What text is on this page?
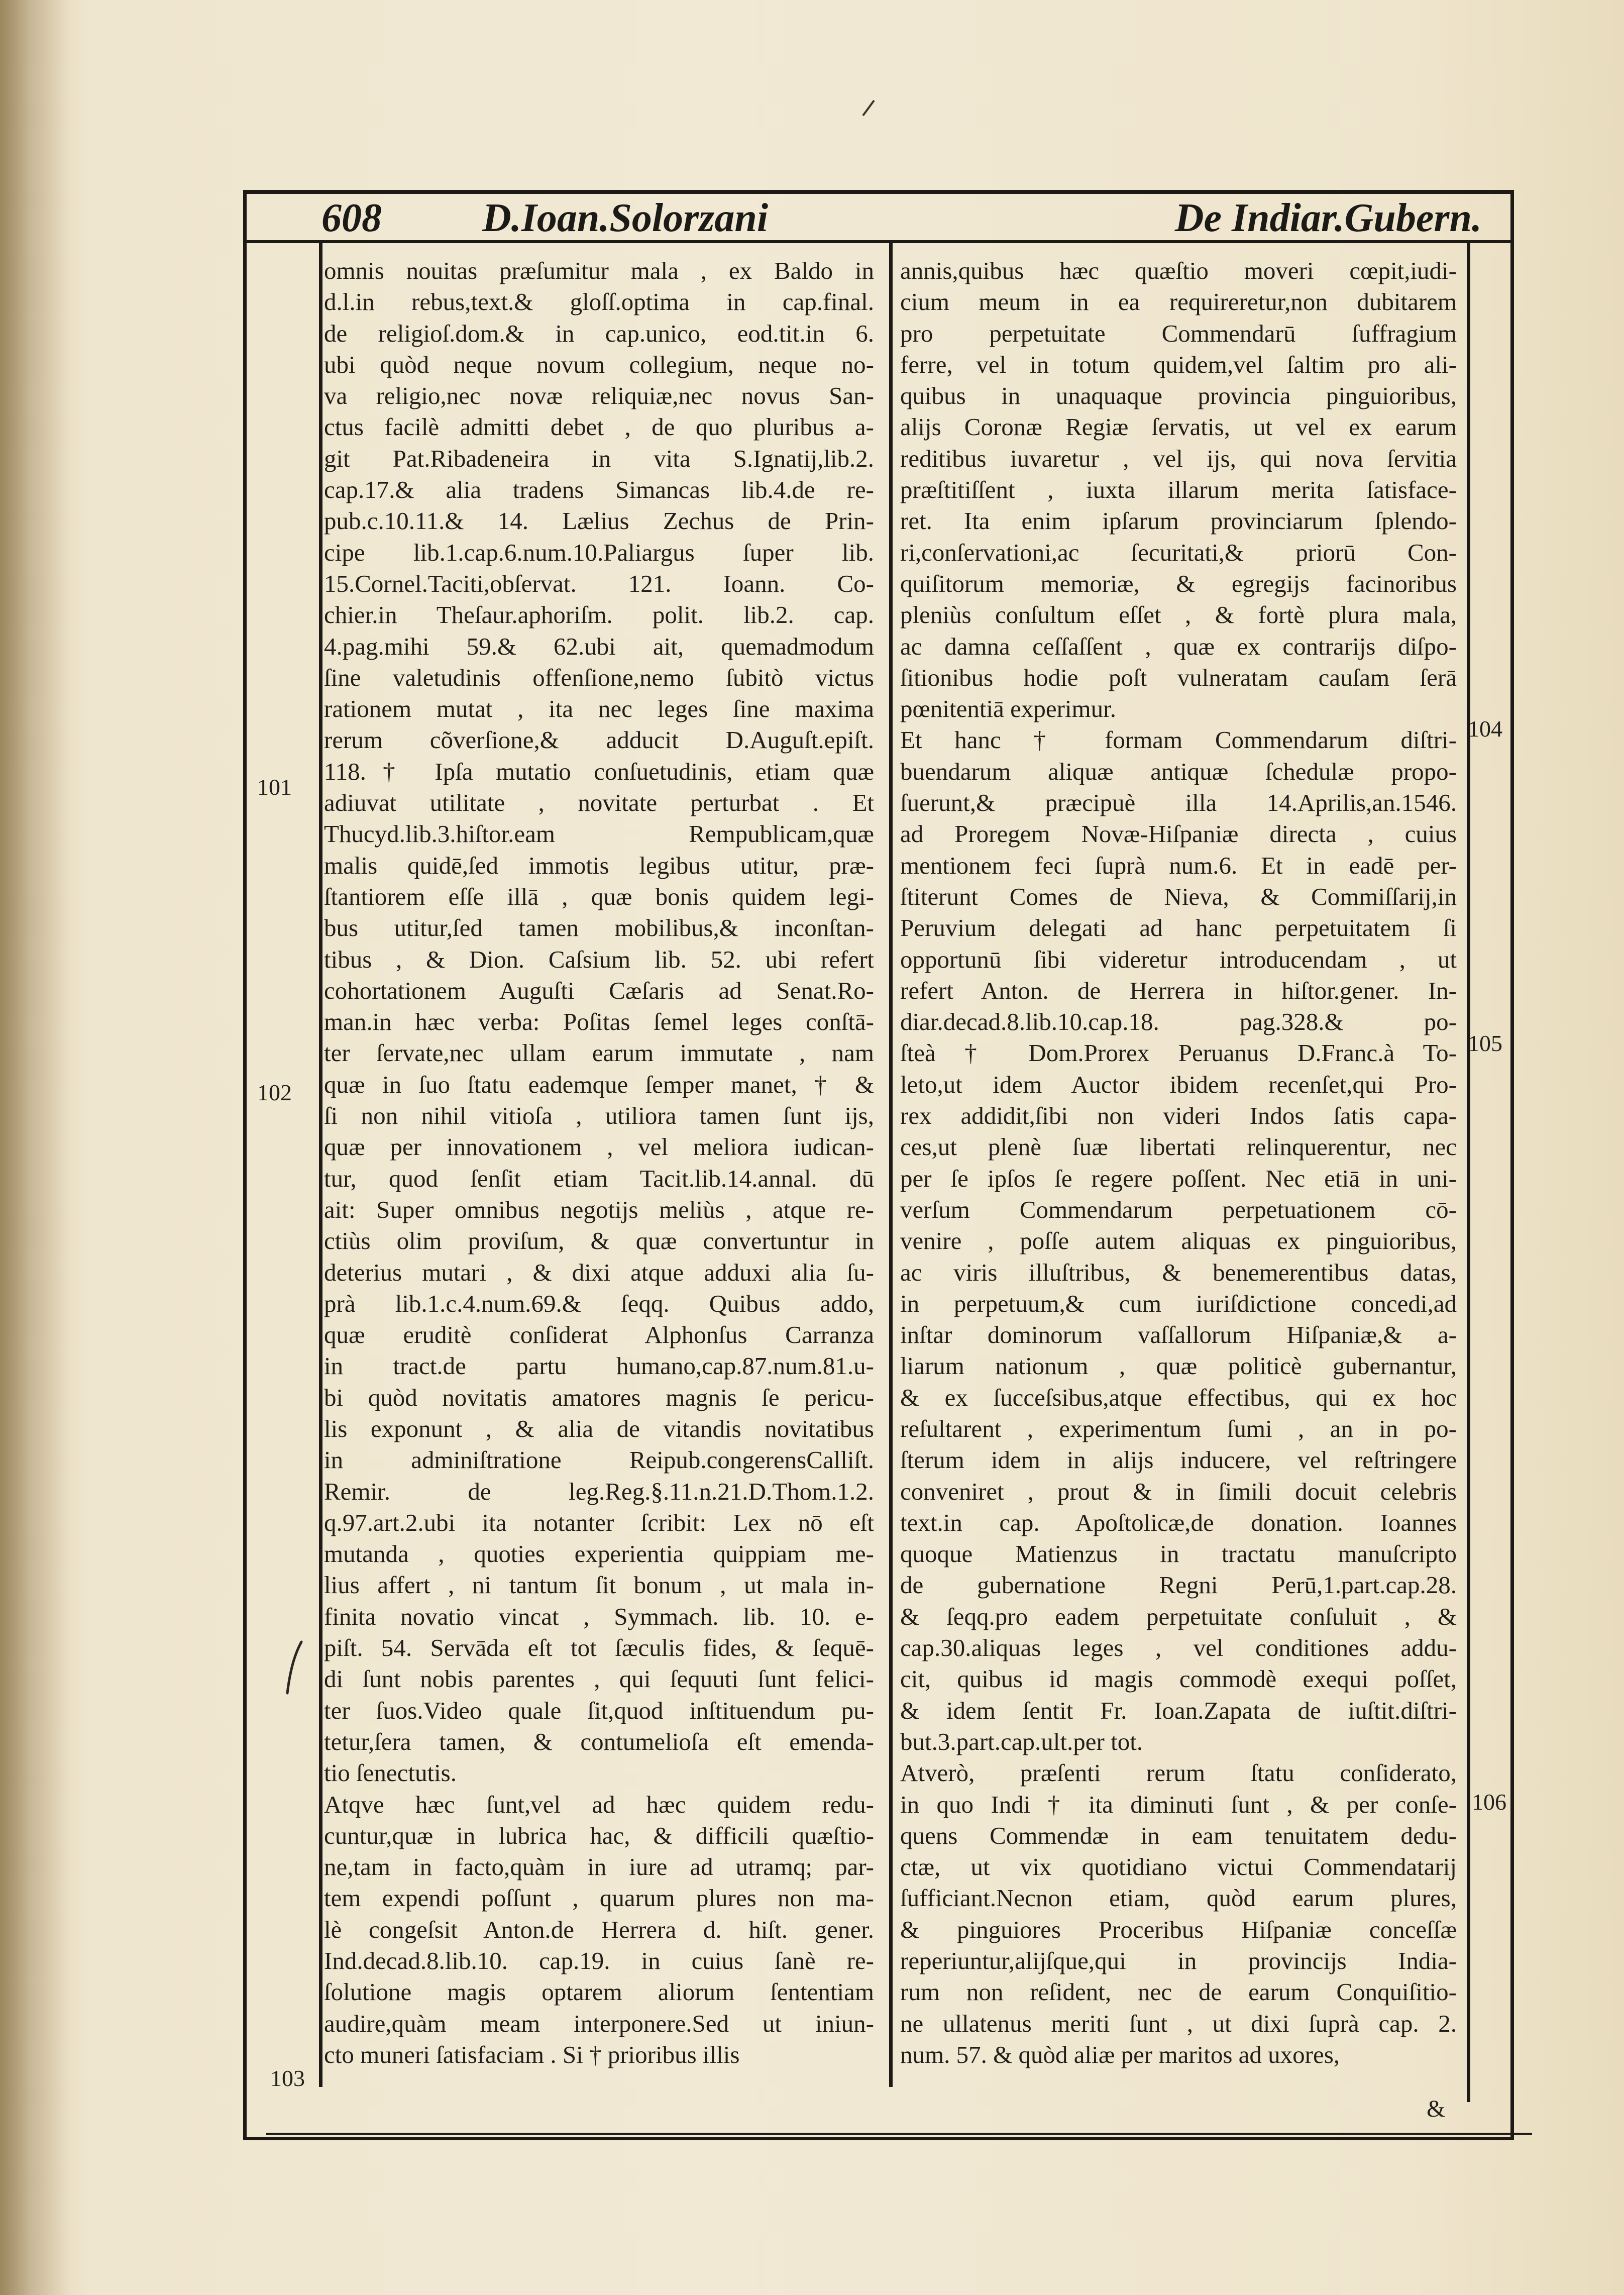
608	D.Ioan.Solorzani	De Indiar.Gubern.
omnis nouitas præſumitur mala , ex Baldo in
d.l.in rebus,text.& gloſſ.optima in cap.final.
de religioſ.dom.& in cap.unico, eod.tit.in 6.
ubi quòd neque novum collegium, neque no-
va religio,nec novæ reliquiæ,nec novus San-
ctus facilè admitti debet , de quo pluribus a-
git Pat.Ribadeneira in vita S.Ignatij,lib.2.
cap.17.& alia tradens Simancas lib.4.de re-
pub.c.10.11.& 14. Lælius Zechus de Prin-
cipe lib.1.cap.6.num.10.Paliargus ſuper lib.
15.Cornel.Taciti,obſervat. 121. Ioann. Co-
chier.in Theſaur.aphoriſm. polit. lib.2. cap.
4.pag.mihi 59.& 62.ubi ait, quemadmodum
ſine valetudinis offenſione,nemo ſubitò victus
rationem mutat , ita nec leges ſine maxima
rerum cõverſione,& adducit D.Auguſt.epiſt.
118.† Ipſa mutatio conſuetudinis, etiam quæ
adiuvat utilitate , novitate perturbat . Et
Thucyd.lib.3.hiſtor.eam Rempublicam,quæ
malis quidē,ſed immotis legibus utitur, præ-
ſtantiorem eſſe illā , quæ bonis quidem legi-
bus utitur,ſed tamen mobilibus,& inconſtan-
tibus , & Dion. Caſsium lib. 52. ubi refert
cohortationem Auguſti Cæſaris ad Senat.Ro-
man.in hæc verba: Poſitas ſemel leges conſtā-
ter ſervate,nec ullam earum immutate , nam
quæ in ſuo ſtatu eademque ſemper manet, † &
ſi non nihil vitioſa , utiliora tamen ſunt ijs,
quæ per innovationem , vel meliora iudican-
tur, quod ſenſit etiam Tacit.lib.14.annal. dū
ait: Super omnibus negotijs meliùs , atque re-
ctiùs olim proviſum, & quæ convertuntur in
deterius mutari , & dixi atque adduxi alia ſu-
prà lib.1.c.4.num.69.& ſeqq. Quibus addo,
quæ eruditè conſiderat Alphonſus Carranza
in tract.de partu humano,cap.87.num.81.u-
bi quòd novitatis amatores magnis ſe pericu-
lis exponunt , & alia de vitandis novitatibus
in adminiſtratione Reipub.congerensCalliſt.
Remir. de leg.Reg.§.11.n.21.D.Thom.1.2.
q.97.art.2.ubi ita notanter ſcribit: Lex nō eſt
mutanda , quoties experientia quippiam me-
lius affert , ni tantum ſit bonum , ut mala in-
finita novatio vincat , Symmach. lib. 10. e-
piſt. 54. Servāda eſt tot ſæculis fides, & ſequē-
di ſunt nobis parentes , qui ſequuti ſunt felici-
ter ſuos.Video quale ſit,quod inſtituendum pu-
tetur,ſera tamen, & contumelioſa eſt emenda-
tio ſenectutis.
Atqve hæc ſunt,vel ad hæc quidem redu-
cuntur,quæ in lubrica hac, & difficili quæſtio-
ne,tam in facto,quàm in iure ad utramq; par-
tem expendi poſſunt , quarum plures non ma-
lè congeſsit Anton.de Herrera d. hiſt. gener.
Ind.decad.8.lib.10. cap.19. in cuius ſanè re-
ſolutione magis optarem aliorum ſententiam
audire,quàm meam interponere.Sed ut iniun-
cto muneri ſatisfaciam . Si † prioribus illis
annis,quibus hæc quæſtio moveri cœpit,iudi-
cium meum in ea requireretur,non dubitarem
pro perpetuitate Commendarū ſuffragium
ferre, vel in totum quidem,vel ſaltim pro ali-
quibus in unaquaque provincia pinguioribus,
alijs Coronæ Regiæ ſervatis, ut vel ex earum
reditibus iuvaretur , vel ijs, qui nova ſervitia
præſtitiſſent , iuxta illarum merita ſatisface-
ret. Ita enim ipſarum provinciarum ſplendo-
ri,conſervationi,ac ſecuritati,& priorū Con-
quiſitorum memoriæ, & egregijs facinoribus
pleniùs conſultum eſſet , & fortè plura mala,
ac damna ceſſaſſent , quæ ex contrarijs diſpo-
ſitionibus hodie poſt vulneratam cauſam ſerā
pœnitentiā experimur.
Et hanc † formam Commendarum diſtri-
buendarum aliquæ antiquæ ſchedulæ propo-
ſuerunt,& præcipuè illa 14.Aprilis,an.1546.
ad Proregem Novæ-Hiſpaniæ directa , cuius
mentionem feci ſuprà num.6. Et in eadē per-
ſtiterunt Comes de Nieva, & Commiſſarij,in
Peruvium delegati ad hanc perpetuitatem ſi
opportunū ſibi videretur introducendam , ut
refert Anton. de Herrera in hiſtor.gener. In-
diar.decad.8.lib.10.cap.18. pag.328.& po-
ſteà † Dom.Prorex Peruanus D.Franc.à To-
leto,ut idem Auctor ibidem recenſet,qui Pro-
rex addidit,ſibi non videri Indos ſatis capa-
ces,ut plenè ſuæ libertati relinquerentur, nec
per ſe ipſos ſe regere poſſent. Nec etiā in uni-
verſum Commendarum perpetuationem cō-
venire , poſſe autem aliquas ex pinguioribus,
ac viris illuſtribus, & benemerentibus datas,
in perpetuum,& cum iuriſdictione concedi,ad
inſtar dominorum vaſſallorum Hiſpaniæ,& a-
liarum nationum , quæ politicè gubernantur,
& ex ſucceſsibus,atque effectibus, qui ex hoc
reſultarent , experimentum ſumi , an in po-
ſterum idem in alijs inducere, vel reſtringere
conveniret , prout & in ſimili docuit celebris
text.in cap. Apoſtolicæ,de donation. Ioannes
quoque Matienzus in tractatu manuſcripto
de gubernatione Regni Perū,1.part.cap.28.
& ſeqq.pro eadem perpetuitate conſuluit , &
cap.30.aliquas leges , vel conditiones addu-
cit, quibus id magis commodè exequi poſſet,
& idem ſentit Fr. Ioan.Zapata de iuſtit.diſtri-
but.3.part.cap.ult.per tot.
Atverò, præſenti rerum ſtatu conſiderato,
in quo Indi † ita diminuti ſunt , & per conſe-
quens Commendæ in eam tenuitatem dedu-
ctæ, ut vix quotidiano victui Commendatarij
ſufficiant.Necnon etiam, quòd earum plures,
& pinguiores Proceribus Hiſpaniæ conceſſæ
reperiuntur,alijſque,qui in provincijs India-
rum non reſident, nec de earum Conquiſitio-
ne ullatenus meriti ſunt , ut dixi ſuprà cap. 2.
num. 57. & quòd aliæ per maritos ad uxores,
101
102
103
104
105
106
&
